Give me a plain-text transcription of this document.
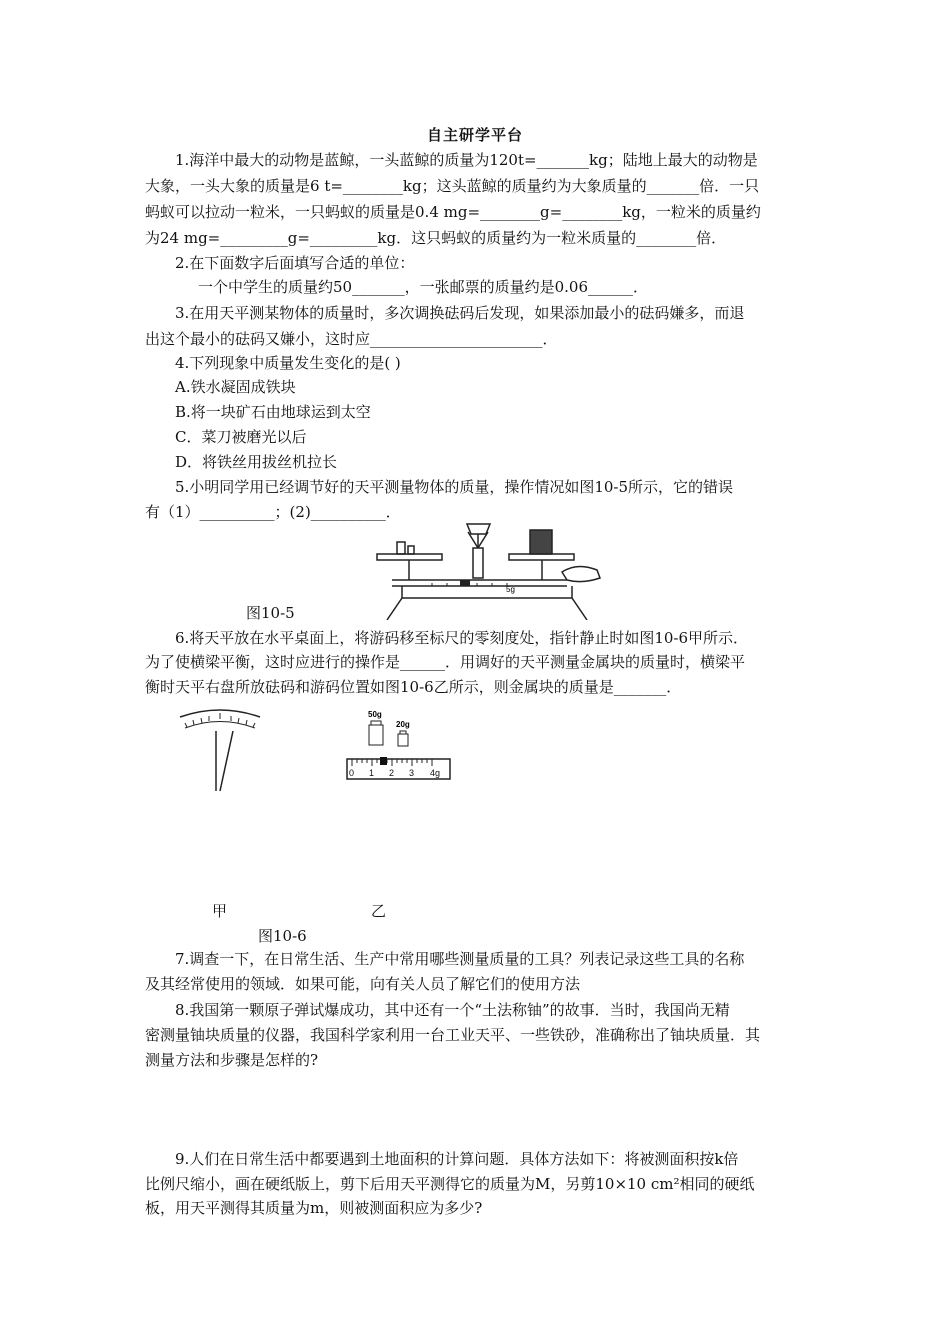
自主研学平台
1.海洋中最大的动物是蓝鲸，一头蓝鲸的质量为120t=_______kg；陆地上最大的动物是
大象，一头大象的质量是6 t=________kg；这头蓝鲸的质量约为大象质量的_______倍．一只
蚂蚁可以拉动一粒米，一只蚂蚁的质量是0.4 mg=________g=________kg，一粒米的质量约
为24 mg=_________g=_________kg．这只蚂蚁的质量约为一粒米质量的________倍．
2.在下面数字后面填写合适的单位：
一个中学生的质量约50_______，一张邮票的质量约是0.06______．
3.在用天平测某物体的质量时，多次调换砝码后发现，如果添加最小的砝码嫌多，而退
出这个最小的砝码又嫌小，这时应_______________________．
4.下列现象中质量发生变化的是( )
A.铁水凝固成铁块
B.将一块矿石由地球运到太空
C．菜刀被磨光以后
D．将铁丝用拔丝机拉长
5.小明同学用已经调节好的天平测量物体的质量，操作情况如图10-5所示，它的错误
有（1）__________；(2)__________．
5g
图10-5
6.将天平放在水平桌面上，将游码移至标尺的零刻度处，指针静止时如图10-6甲所示．
为了使横梁平衡，这时应进行的操作是______．用调好的天平测量金属块的质量时，横梁平
衡时天平右盘所放砝码和游码位置如图10-6乙所示，则金属块的质量是_______．
50g
20g
0 1 2 3 4g
甲	乙
图10-6
7.调查一下，在日常生活、生产中常用哪些测量质量的工具？列表记录这些工具的名称
及其经常使用的领域．如果可能，向有关人员了解它们的使用方法
8.我国第一颗原子弹试爆成功，其中还有一个“土法称铀”的故事．当时，我国尚无精
密测量铀块质量的仪器，我国科学家利用一台工业天平、一些铁砂，准确称出了铀块质量．其
测量方法和步骤是怎样的?
9.人们在日常生活中都要遇到土地面积的计算问题．具体方法如下：将被测面积按k倍
比例尺缩小，画在硬纸版上，剪下后用天平测得它的质量为M，另剪10×10 cm²相同的硬纸
板，用天平测得其质量为m，则被测面积应为多少?
